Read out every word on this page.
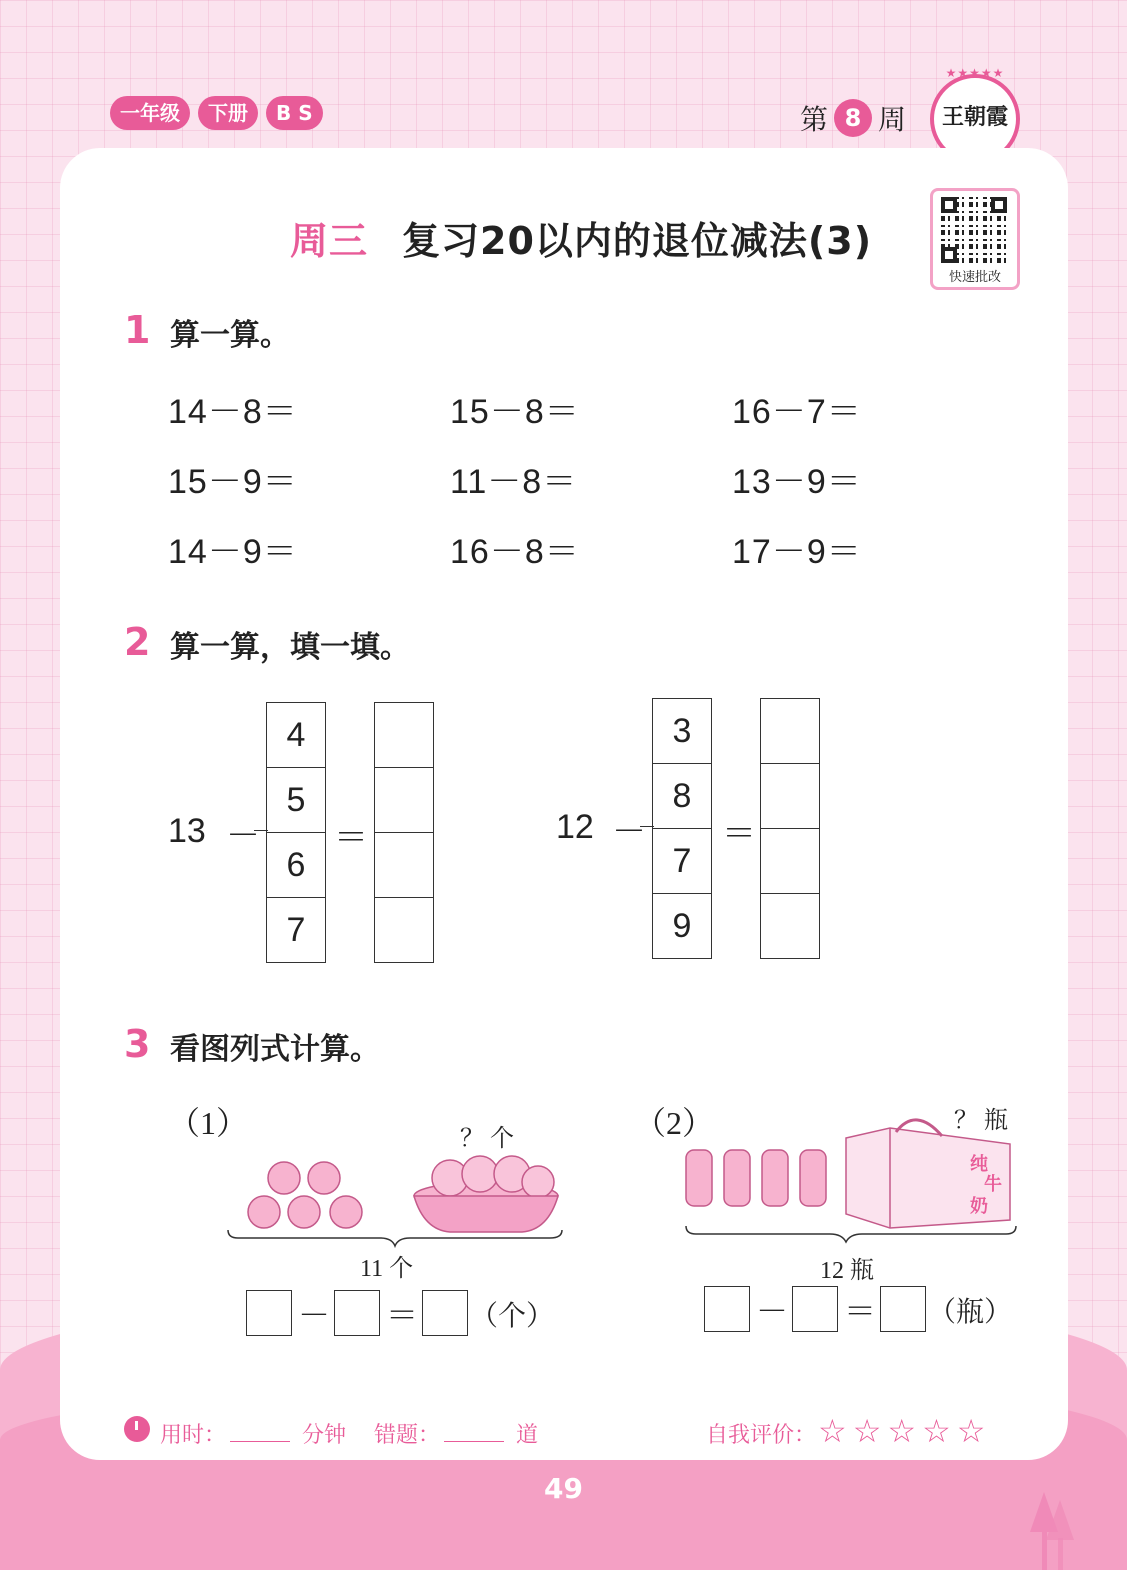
一年级	下册	B S	第 8 周
★★★★★
王朝霞
周三 复习20以内的退位减法(3)
快速批改
1 算一算。
14－8＝	15－8＝	16－7＝
15－9＝	11－8＝	13－9＝
14－9＝	16－8＝	17－9＝
2 算一算，填一填。
13 －
4
5
6
7
＝	12 －
3
8
7
9
＝
3 看图列式计算。
（1）	？ 个
11 个
－ ＝ （个）
（2）	？ 瓶
纯
牛
奶
12 瓶
－ ＝ （瓶）
用时：	分钟 错题：	道	自我评价： ☆☆☆☆☆
49
